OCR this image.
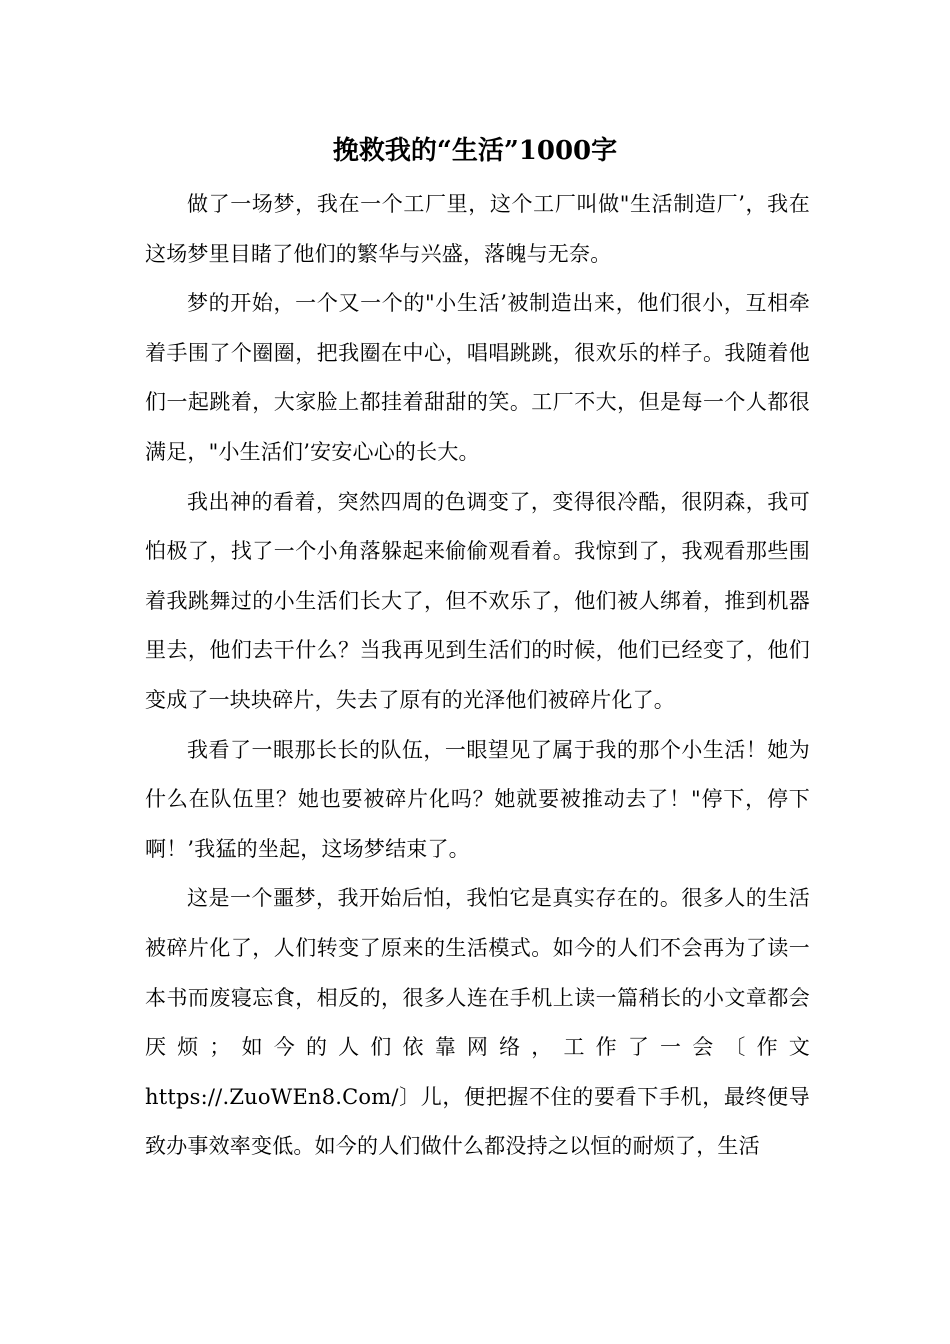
挽救我的“生活”1000字

做了一场梦，我在一个工厂里，这个工厂叫做"生活制造厂’，我在这场梦里目睹了他们的繁华与兴盛，落魄与无奈。

梦的开始，一个又一个的"小生活’被制造出来，他们很小，互相牵着手围了个圈圈，把我圈在中心，唱唱跳跳，很欢乐的样子。我随着他们一起跳着，大家脸上都挂着甜甜的笑。工厂不大，但是每一个人都很满足，"小生活们’安安心心的长大。

我出神的看着，突然四周的色调变了，变得很冷酷，很阴森，我可怕极了，找了一个小角落躲起来偷偷观看着。我惊到了，我观看那些围着我跳舞过的小生活们长大了，但不欢乐了，他们被人绑着，推到机器里去，他们去干什么？当我再见到生活们的时候，他们已经变了，他们变成了一块块碎片，失去了原有的光泽他们被碎片化了。

我看了一眼那长长的队伍，一眼望见了属于我的那个小生活！她为什么在队伍里？她也要被碎片化吗？她就要被推动去了！"停下，停下啊！’我猛的坐起，这场梦结束了。

这是一个噩梦，我开始后怕，我怕它是真实存在的。很多人的生活被碎片化了，人们转变了原来的生活模式。如今的人们不会再为了读一本书而废寝忘食，相反的，很多人连在手机上读一篇稍长的小文章都会厌烦；如今的人们依靠网络，工作了一会〔作文https://.ZuoWEn8.Com/〕儿，便把握不住的要看下手机，最终便导致办事效率变低。如今的人们做什么都没持之以恒的耐烦了，生活
